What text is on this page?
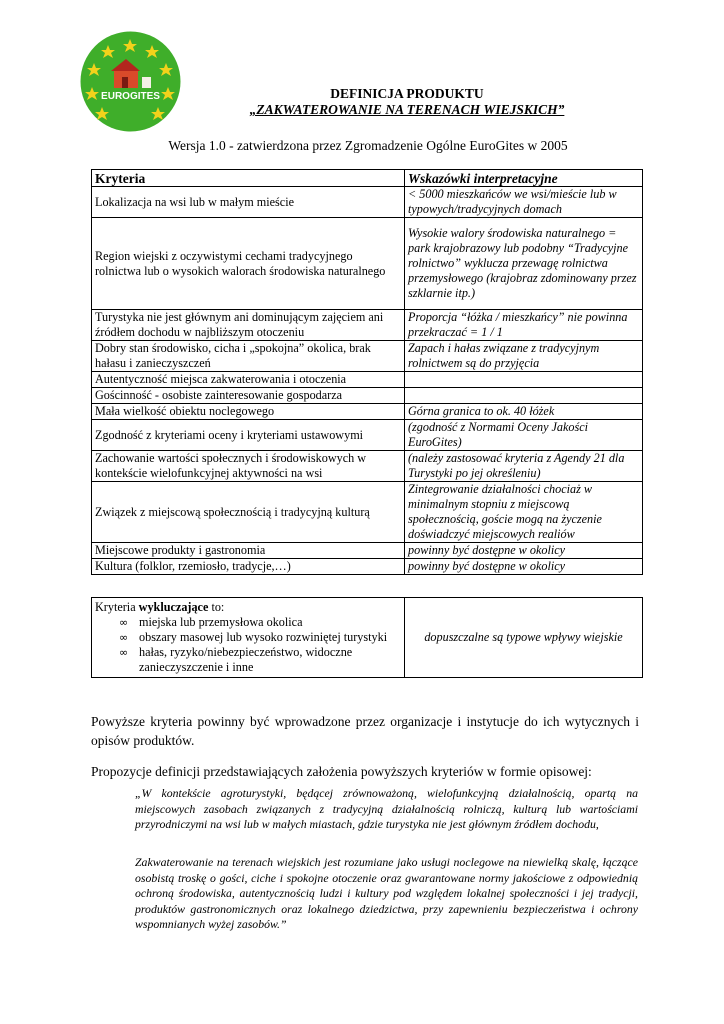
EUROGITES	DEFINICJA PRODUKTU
„ZAKWATEROWANIE NA TERENACH WIEJSKICH”
Wersja 1.0 - zatwierdzona przez Zgromadzenie Ogólne EuroGites w 2005
Kryteria	Wskazówki interpretacyjne
Lokalizacja na wsi lub w małym mieście	< 5000 mieszkańców we wsi/mieście lub w typowych/tradycyjnych domach
Region wiejski z oczywistymi cechami tradycyjnego rolnictwa lub o wysokich walorach środowiska naturalnego	Wysokie walory środowiska naturalnego = park krajobrazowy lub podobny “Tradycyjne rolnictwo” wyklucza przewagę rolnictwa przemysłowego (krajobraz zdominowany przez szklarnie itp.)
Turystyka nie jest głównym ani dominującym zajęciem ani źródłem dochodu w najbliższym otoczeniu	Proporcja “łóżka / mieszkańcy” nie powinna przekraczać = 1 / 1
Dobry stan środowisko, cicha i „spokojna” okolica, brak hałasu i zanieczyszczeń	Zapach i hałas związane z tradycyjnym rolnictwem są do przyjęcia
Autentyczność miejsca zakwaterowania i otoczenia	
Gościnność - osobiste zainteresowanie gospodarza	
Mała wielkość obiektu noclegowego	Górna granica to ok. 40 łóżek
Zgodność z kryteriami oceny i kryteriami ustawowymi	(zgodność z Normami Oceny Jakości EuroGites)
Zachowanie wartości społecznych i środowiskowych w kontekście wielofunkcyjnej aktywności na wsi	(należy zastosować kryteria z Agendy 21 dla Turystyki po jej określeniu)
Związek z miejscową społecznością i tradycyjną kulturą	Zintegrowanie działalności chociaż w minimalnym stopniu z miejscową społecznością, goście mogą na życzenie doświadczyć miejscowych realiów
Miejscowe produkty i gastronomia	powinny być dostępne w okolicy
Kultura (folklor, rzemiosło, tradycje,…)	powinny być dostępne w okolicy
Kryteria wykluczające to:
∞ miejska lub przemysłowa okolica
∞ obszary masowej lub wysoko rozwiniętej turystyki
∞ hałas, ryzyko/niebezpieczeństwo, widoczne zanieczyszczenie i inne
	dopuszczalne są typowe wpływy wiejskie
Powyższe kryteria powinny być wprowadzone przez organizacje i instytucje do ich wytycznych i opisów produktów.
Propozycje definicji przedstawiających założenia powyższych kryteriów w formie opisowej:
„W kontekście agroturystyki, będącej zrównoważoną, wielofunkcyjną działalnością, opartą na miejscowych zasobach związanych z tradycyjną działalnością rolniczą, kulturą lub wartościami przyrodniczymi na wsi lub w małych miastach, gdzie turystyka nie jest głównym źródłem dochodu,
Zakwaterowanie na terenach wiejskich jest rozumiane jako usługi noclegowe na niewielką skalę, łączące osobistą troskę o gości, ciche i spokojne otoczenie oraz gwarantowane normy jakościowe z odpowiednią ochroną środowiska, autentycznością ludzi i kultury pod względem lokalnej społeczności i jej tradycji, produktów gastronomicznych oraz lokalnego dziedzictwa, przy zapewnieniu bezpieczeństwa i ochrony wspomnianych wyżej zasobów.”
